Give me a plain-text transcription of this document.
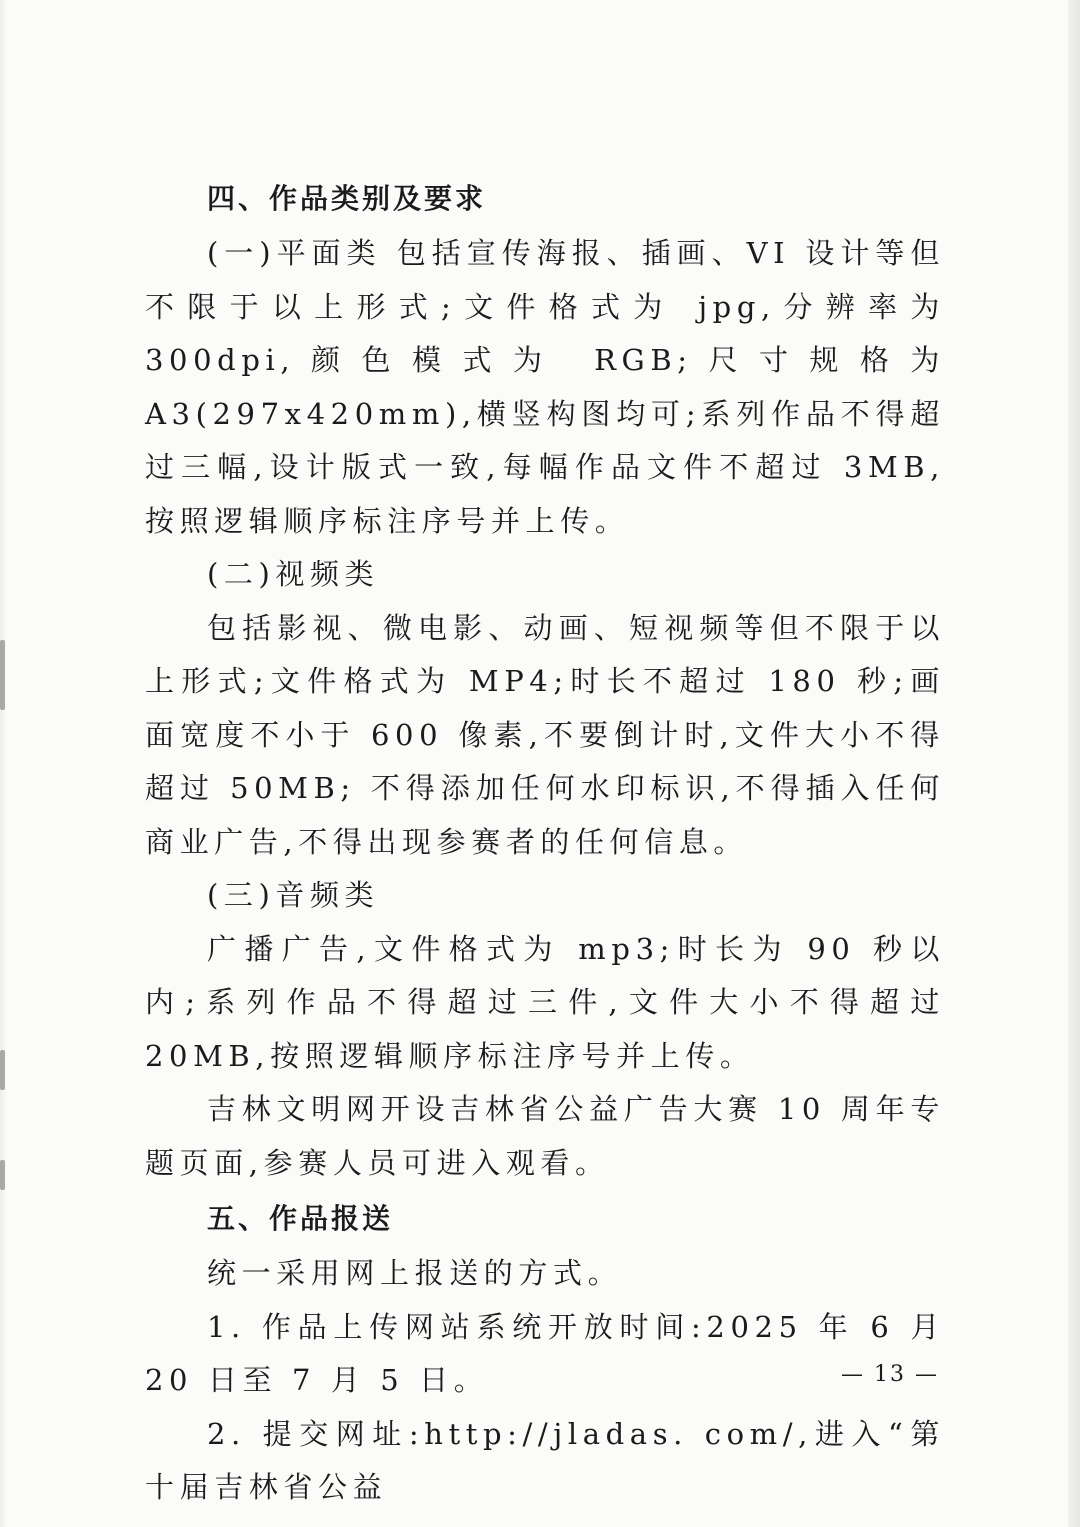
四、作品类别及要求

(一)平面类 包括宣传海报、插画、VI 设计等但不限于以上形式;文件格式为 jpg,分辨率为 300dpi,颜色模式为 RGB;尺寸规格为 A3(297x420mm),横竖构图均可;系列作品不得超过三幅,设计版式一致,每幅作品文件不超过 3MB,按照逻辑顺序标注序号并上传。

(二)视频类

包括影视、微电影、动画、短视频等但不限于以上形式;文件格式为 MP4;时长不超过 180 秒;画面宽度不小于 600 像素,不要倒计时,文件大小不得超过 50MB; 不得添加任何水印标识,不得插入任何商业广告,不得出现参赛者的任何信息。

(三)音频类

广播广告,文件格式为 mp3;时长为 90 秒以内;系列作品不得超过三件,文件大小不得超过 20MB,按照逻辑顺序标注序号并上传。

吉林文明网开设吉林省公益广告大赛 10 周年专题页面,参赛人员可进入观看。

五、作品报送

统一采用网上报送的方式。

1. 作品上传网站系统开放时间:2025 年 6 月 20 日至 7 月 5 日。

2. 提交网址:http://jladas. com/,进入“第十届吉林省公益

— 13 —
